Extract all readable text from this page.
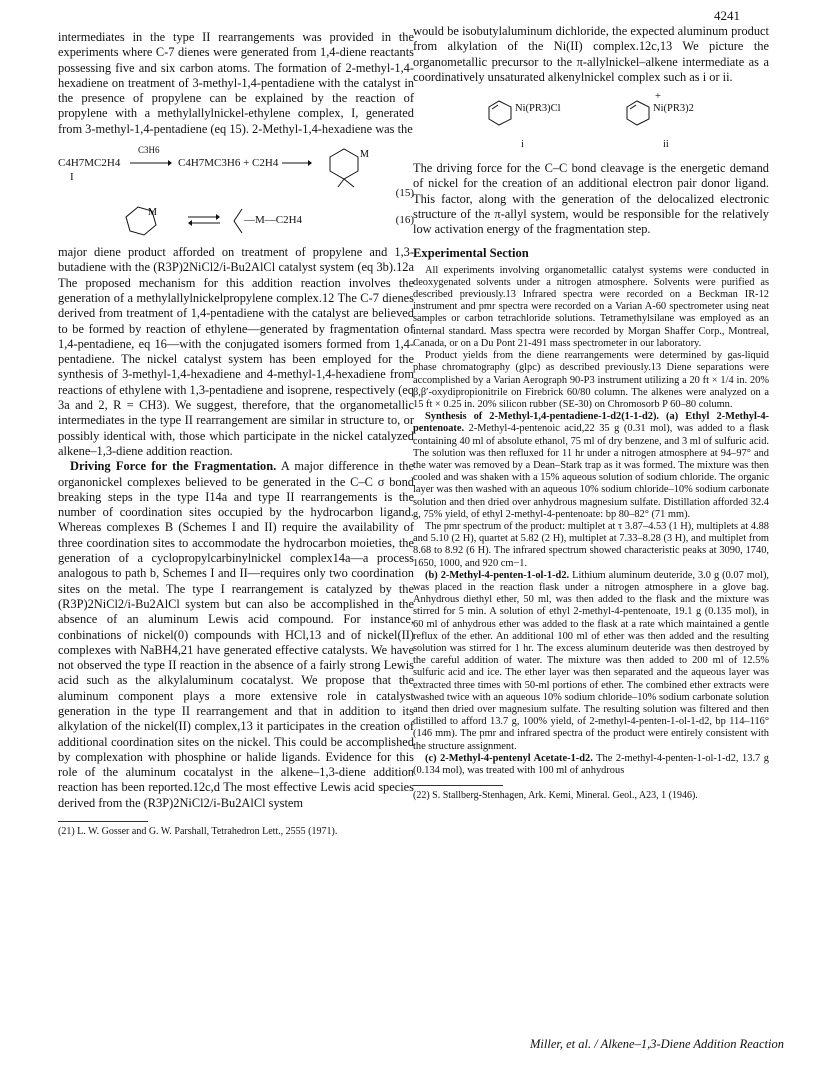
4241

intermediates in the type II rearrangements was provided in the experiments where C-7 dienes were generated from 1,4-diene reactants possessing five and six carbon atoms. The formation of 2-methyl-1,4-hexadiene on treatment of 3-methyl-1,4-pentadiene with the catalyst in the presence of propylene can be explained by the reaction of propylene with a methylallylnickel-ethylene complex, I, generated from 3-methyl-1,4-pentadiene (eq 15). 2-Methyl-1,4-hexadiene was the

C4H7MC2H4
I
C3H6
C4H7MC3H6 + C2H4
M
(15)
M
—M—C2H4	(16)

major diene product afforded on treatment of propylene and 1,3-butadiene with the (R3P)2NiCl2/i-Bu2AlCl catalyst system (eq 3b).12a The proposed mechanism for this addition reaction involves the generation of a methylallylnickelpropylene complex.12 The C-7 dienes derived from treatment of 1,4-pentadiene with the catalyst are believed to be formed by reaction of ethylene—generated by fragmentation of 1,4-pentadiene, eq 16—with the conjugated isomers formed from 1,4-pentadiene. The nickel catalyst system has been employed for the synthesis of 3-methyl-1,4-hexadiene and 4-methyl-1,4-hexadiene from reactions of ethylene with 1,3-pentadiene and isoprene, respectively (eq 3a and 2, R = CH3). We suggest, therefore, that the organometallic intermediates in the type II rearrangement are similar in structure to, or possibly identical with, those which participate in the nickel catalyzed alkene–1,3-diene addition reaction.

Driving Force for the Fragmentation. A major difference in the organonickel complexes believed to be generated in the C–C σ bond breaking steps in the type I14a and type II rearrangements is the number of coordination sites occupied by the hydrocarbon ligand. Whereas complexes B (Schemes I and II) require the availability of three coordination sites to accommodate the hydrocarbon moieties, the generation of a cyclopropylcarbinylnickel complex14a—a process analogous to path b, Schemes I and II—requires only two coordination sites on the metal. The type I rearrangement is catalyzed by the (R3P)2NiCl2/i-Bu2AlCl system but can also be accomplished in the absence of an aluminum Lewis acid compound. For instance, conbinations of nickel(0) compounds with HCl,13 and of nickel(II) complexes with NaBH4,21 have generated effective catalysts. We have not observed the type II reaction in the absence of a fairly strong Lewis acid such as the alkylaluminum cocatalyst. We propose that the aluminum component plays a more extensive role in catalyst generation in the type II rearrangement and that in addition to its alkylation of the nickel(II) complex,13 it participates in the creation of additional coordination sites on the nickel. This could be accomplished by complexation with phosphine or halide ligands. Evidence for this role of the aluminum cocatalyst in the alkene–1,3-diene addition reaction has been reported.12c,d The most effective Lewis acid species derived from the (R3P)2NiCl2/i-Bu2AlCl system

(21) L. W. Gosser and G. W. Parshall, Tetrahedron Lett., 2555 (1971).

would be isobutylaluminum dichloride, the expected aluminum product from alkylation of the Ni(II) complex.12c,13 We picture the organometallic precursor to the π-allylnickel–alkene intermediate as a coordinatively unsaturated alkenylnickel complex such as i or ii.

Ni(PR3)Cl
i
+
Ni(PR3)2
ii

The driving force for the C–C bond cleavage is the energetic demand of nickel for the creation of an additional electron pair donor ligand. This factor, along with the generation of the delocalized electronic structure of the π-allyl system, would be responsible for the relatively low activation energy of the fragmentation step.

Experimental Section

All experiments involving organometallic catalyst systems were conducted in deoxygenated solvents under a nitrogen atmosphere. Solvents were purified as described previously.13 Infrared spectra were recorded on a Beckman IR-12 instrument and pmr spectra were recorded on a Varian A-60 spectrometer using neat samples or carbon tetrachloride solutions. Tetramethylsilane was employed as an internal standard. Mass spectra were recorded by Morgan Shaffer Corp., Montreal, Canada, or on a Du Pont 21-491 mass spectrometer in our laboratory.

Product yields from the diene rearrangements were determined by gas-liquid phase chromatography (glpc) as described previously.13 Diene separations were accomplished by a Varian Aerograph 90-P3 instrument utilizing a 20 ft × 1/4 in. 20% β,β′-oxydipropionitrile on Firebrick 60/80 column. The alkenes were analyzed on a 15 ft × 0.25 in. 20% silicon rubber (SE-30) on Chromosorb P 60–80 column.

Synthesis of 2-Methyl-1,4-pentadiene-1-d2(1-1-d2). (a) Ethyl 2-Methyl-4-pentenoate. 2-Methyl-4-pentenoic acid,22 35 g (0.31 mol), was added to a flask containing 40 ml of absolute ethanol, 75 ml of dry benzene, and 3 ml of sulfuric acid. The solution was then refluxed for 11 hr under a nitrogen atmosphere at 94–97° and the water was removed by a Dean–Stark trap as it was formed. The mixture was then cooled and was shaken with a 15% aqueous solution of sodium chloride. The organic layer was then washed with an aqueous 10% sodium chloride–10% sodium carbonate solution and then dried over anhydrous magnesium sulfate. Distillation afforded 32.4 g, 75% yield, of ethyl 2-methyl-4-pentenoate: bp 80–82° (71 mm).

The pmr spectrum of the product: multiplet at τ 3.87–4.53 (1 H), multiplets at 4.88 and 5.10 (2 H), quartet at 5.82 (2 H), multiplet at 7.33–8.28 (3 H), and multiplet from 8.68 to 8.92 (6 H). The infrared spectrum showed characteristic peaks at 3090, 1740, 1650, 1000, and 920 cm−1.

(b) 2-Methyl-4-penten-1-ol-1-d2. Lithium aluminum deuteride, 3.0 g (0.07 mol), was placed in the reaction flask under a nitrogen atmosphere in a glove bag. Anhydrous diethyl ether, 50 ml, was then added to the flask and the mixture was stirred for 5 min. A solution of ethyl 2-methyl-4-pentenoate, 19.1 g (0.135 mol), in 60 ml of anhydrous ether was added to the flask at a rate which maintained a gentle reflux of the ether. An additional 100 ml of ether was then added and the resulting solution was stirred for 1 hr. The excess aluminum deuteride was then destroyed by the careful addition of water. The mixture was then added to 200 ml of 12.5% sulfuric acid and ice. The ether layer was then separated and the aqueous layer was extracted three times with 50-ml portions of ether. The combined ether extracts were washed twice with an aqueous 10% sodium chloride–10% sodium carbonate solution and then dried over magnesium sulfate. The resulting solution was filtered and then distilled to afford 13.7 g, 100% yield, of 2-methyl-4-penten-1-ol-1-d2, bp 114–116° (146 mm). The pmr and infrared spectra of the product were entirely consistent with the structure assignment.

(c) 2-Methyl-4-pentenyl Acetate-1-d2. The 2-methyl-4-penten-1-ol-1-d2, 13.7 g (0.134 mol), was treated with 100 ml of anhydrous

(22) S. Stallberg-Stenhagen, Ark. Kemi, Mineral. Geol., A23, 1 (1946).

Miller, et al. / Alkene–1,3-Diene Addition Reaction
